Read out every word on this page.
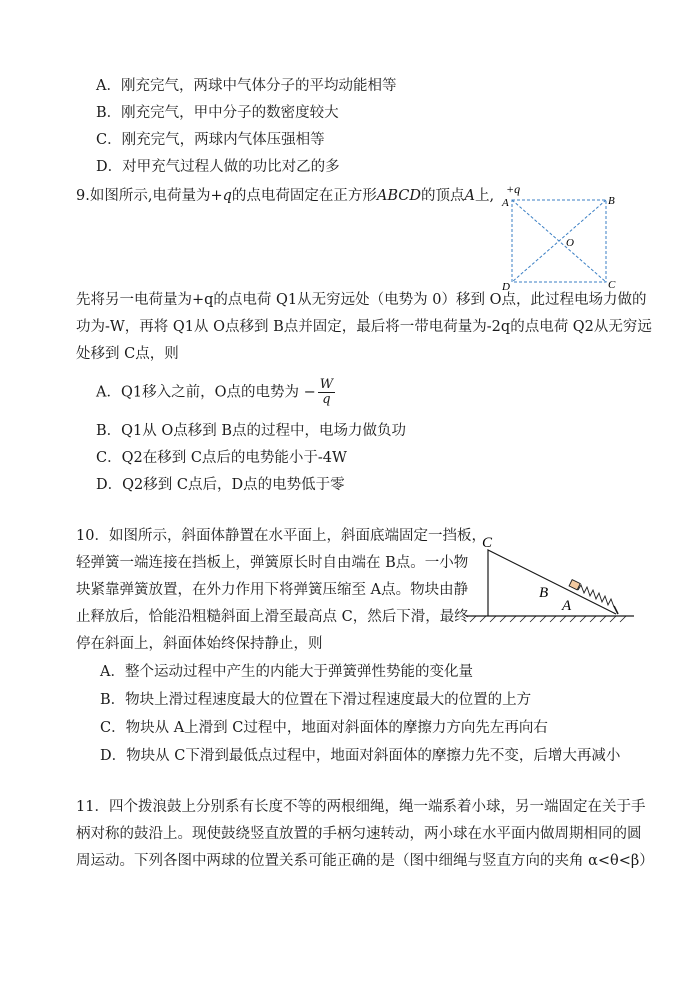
A．刚充完气，两球中气体分子的平均动能相等
B．刚充完气，甲中分子的数密度较大
C．刚充完气，两球内气体压强相等
D．对甲充气过程人做的功比对乙的多
9.如图所示,电荷量为+q的点电荷固定在正方形ABCD的顶点A上, +q
A	B
C
D
O
先将另一电荷量为+q的点电荷 Q1从无穷远处（电势为 0）移到 O点，此过程电场力做的
功为-W，再将 Q1从 O点移到 B点并固定，最后将一带电荷量为-2q的点电荷 Q2从无穷远
处移到 C点，则
A．Q1移入之前，O点的电势为 − $\frac{W}{q}$
B．Q1从 O点移到 B点的过程中，电场力做负功
C．Q2在移到 C点后的电势能小于-4W
D．Q2移到 C点后，D点的电势低于零
10．如图所示，斜面体静置在水平面上，斜面底端固定一挡板，
轻弹簧一端连接在挡板上，弹簧原长时自由端在 B点。一小物
块紧靠弹簧放置，在外力作用下将弹簧压缩至 A点。物块由静
止释放后，恰能沿粗糙斜面上滑至最高点 C，然后下滑，最终
停在斜面上，斜面体始终保持静止，则
C
B
A
A．整个运动过程中产生的内能大于弹簧弹性势能的变化量
B．物块上滑过程速度最大的位置在下滑过程速度最大的位置的上方
C．物块从 A上滑到 C过程中，地面对斜面体的摩擦力方向先左再向右
D．物块从 C下滑到最低点过程中，地面对斜面体的摩擦力先不变，后增大再减小
11．四个拨浪鼓上分别系有长度不等的两根细绳，绳一端系着小球，另一端固定在关于手
柄对称的鼓沿上。现使鼓绕竖直放置的手柄匀速转动，两小球在水平面内做周期相同的圆
周运动。下列各图中两球的位置关系可能正确的是（图中细绳与竖直方向的夹角 α<θ<β）
